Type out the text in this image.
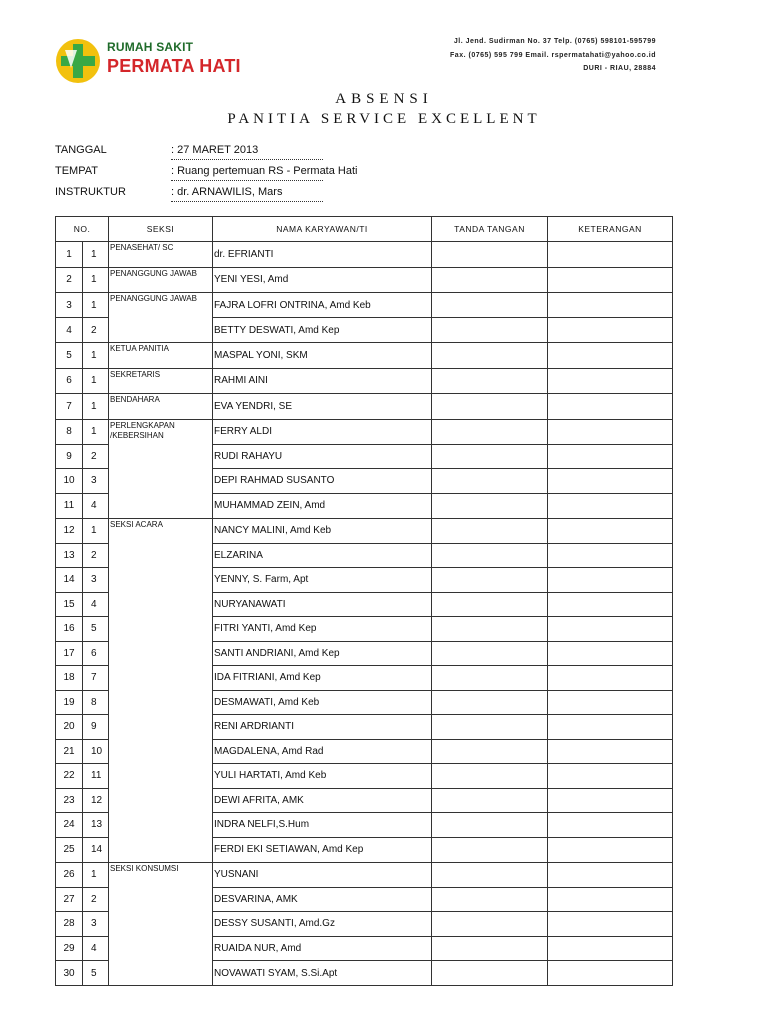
RUMAH SAKIT
PERMATA HATI
Jl. Jend. Sudirman No. 37 Telp. (0765) 598101-595799
Fax. (0765) 595 799 Email. rspermatahati@yahoo.co.id
DURI - RIAU, 28884
ABSENSI
PANITIA SERVICE EXCELLENT
TANGGAL	: 27 MARET 2013
TEMPAT	: Ruang pertemuan RS - Permata Hati
INSTRUKTUR	: dr. ARNAWILIS, Mars
NO.		SEKSI	NAMA KARYAWAN/TI	TANDA TANGAN	KETERANGAN
1	1	PENASEHAT/ SC	dr. EFRIANTI		
2	1	PENANGGUNG JAWAB	YENI YESI, Amd		
3	1	PENANGGUNG JAWAB	FAJRA LOFRI ONTRINA, Amd Keb		
4	2		BETTY DESWATI, Amd Kep		
5	1	KETUA PANITIA	MASPAL YONI, SKM		
6	1	SEKRETARIS	RAHMI AINI		
7	1	BENDAHARA	EVA YENDRI, SE		
8	1	PERLENGKAPAN /KEBERSIHAN	FERRY ALDI		
9	2		RUDI RAHAYU		
10	3		DEPI RAHMAD SUSANTO		
11	4		MUHAMMAD ZEIN, Amd		
12	1	SEKSI ACARA	NANCY MALINI, Amd Keb		
13	2		ELZARINA		
14	3		YENNY, S. Farm, Apt		
15	4		NURYANAWATI		
16	5		FITRI YANTI, Amd Kep		
17	6		SANTI ANDRIANI, Amd Kep		
18	7		IDA FITRIANI, Amd Kep		
19	8		DESMAWATI, Amd Keb		
20	9		RENI ARDRIANTI		
21	10		MAGDALENA, Amd Rad		
22	11		YULI HARTATI, Amd Keb		
23	12		DEWI AFRITA, AMK		
24	13		INDRA NELFI,S.Hum		
25	14		FERDI EKI SETIAWAN, Amd Kep		
26	1	SEKSI KONSUMSI	YUSNANI		
27	2		DESVARINA, AMK		
28	3		DESSY SUSANTI, Amd.Gz		
29	4		RUAIDA NUR, Amd		
30	5		NOVAWATI SYAM, S.Si.Apt		
